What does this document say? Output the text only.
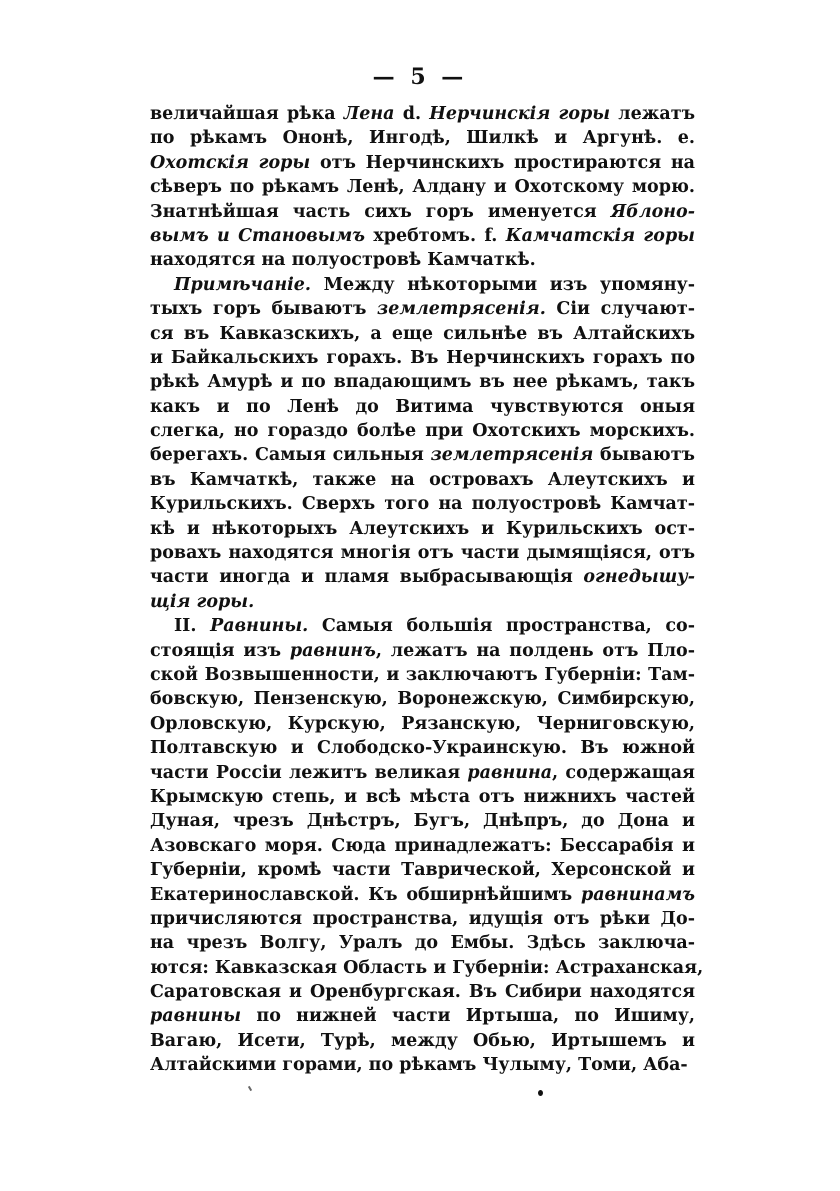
— 5 —
величайшая рѣка Лена d. Нерчинскія горы лежатъ
по рѣкамъ Ононѣ, Ингодѣ, Шилкѣ и Аргунѣ. e.
Охотскія горы отъ Нерчинскихъ простираются на
сѣверъ по рѣкамъ Ленѣ, Алдану и Охотскому морю.
Знатнѣйшая часть сихъ горъ именуется Яблоно-
вымъ и Становымъ хребтомъ. f. Камчатскія горы
находятся на полуостровѣ Камчаткѣ.
Примѣчаніе. Между нѣкоторыми изъ упомяну-
тыхъ горъ бываютъ землетрясенія. Сіи случают-
ся въ Кавказскихъ, а еще сильнѣе въ Алтайскихъ
и Байкальскихъ горахъ. Въ Нерчинскихъ горахъ по
рѣкѣ Амурѣ и по впадающимъ въ нее рѣкамъ, такъ
какъ и по Ленѣ до Витима чувствуются оныя
слегка, но гораздо болѣе при Охотскихъ морскихъ.
берегахъ. Самыя сильныя землетрясенія бываютъ
въ Камчаткѣ, также на островахъ Алеутскихъ и
Курильскихъ. Сверхъ того на полуостровѣ Камчат-
кѣ и нѣкоторыхъ Алеутскихъ и Курильскихъ ост-
ровахъ находятся многія отъ части дымящіяся, отъ
части иногда и пламя выбрасывающія огнедышу-
щія горы.
II. Равнины. Самыя большія пространства, со-
стоящія изъ равнинъ, лежатъ на полдень отъ Пло-
ской Возвышенности, и заключаютъ Губерніи: Там-
бовскую, Пензенскую, Воронежскую, Симбирскую,
Орловскую, Курскую, Рязанскую, Черниговскую,
Полтавскую и Слободско-Украинскую. Въ южной
части Россіи лежитъ великая равнина, содержащая
Крымскую степь, и всѣ мѣста отъ нижнихъ частей
Дуная, чрезъ Днѣстръ, Бугъ, Днѣпръ, до Дона и
Азовскаго моря. Сюда принадлежатъ: Бессарабія и
Губерніи, кромѣ части Таврической, Херсонской и
Екатеринославской. Къ обширнѣйшимъ равнинамъ
причисляются пространства, идущія отъ рѣки До-
на чрезъ Волгу, Уралъ до Ембы. Здѣсь заключа-
ются: Кавказская Область и Губерніи: Астраханская,
Саратовская и Оренбургская. Въ Сибири находятся
равнины по нижней части Иртыша, по Ишиму,
Вагаю, Исети, Турѣ, между Обью, Иртышемъ и
Алтайскими горами, по рѣкамъ Чулыму, Томи, Аба-
